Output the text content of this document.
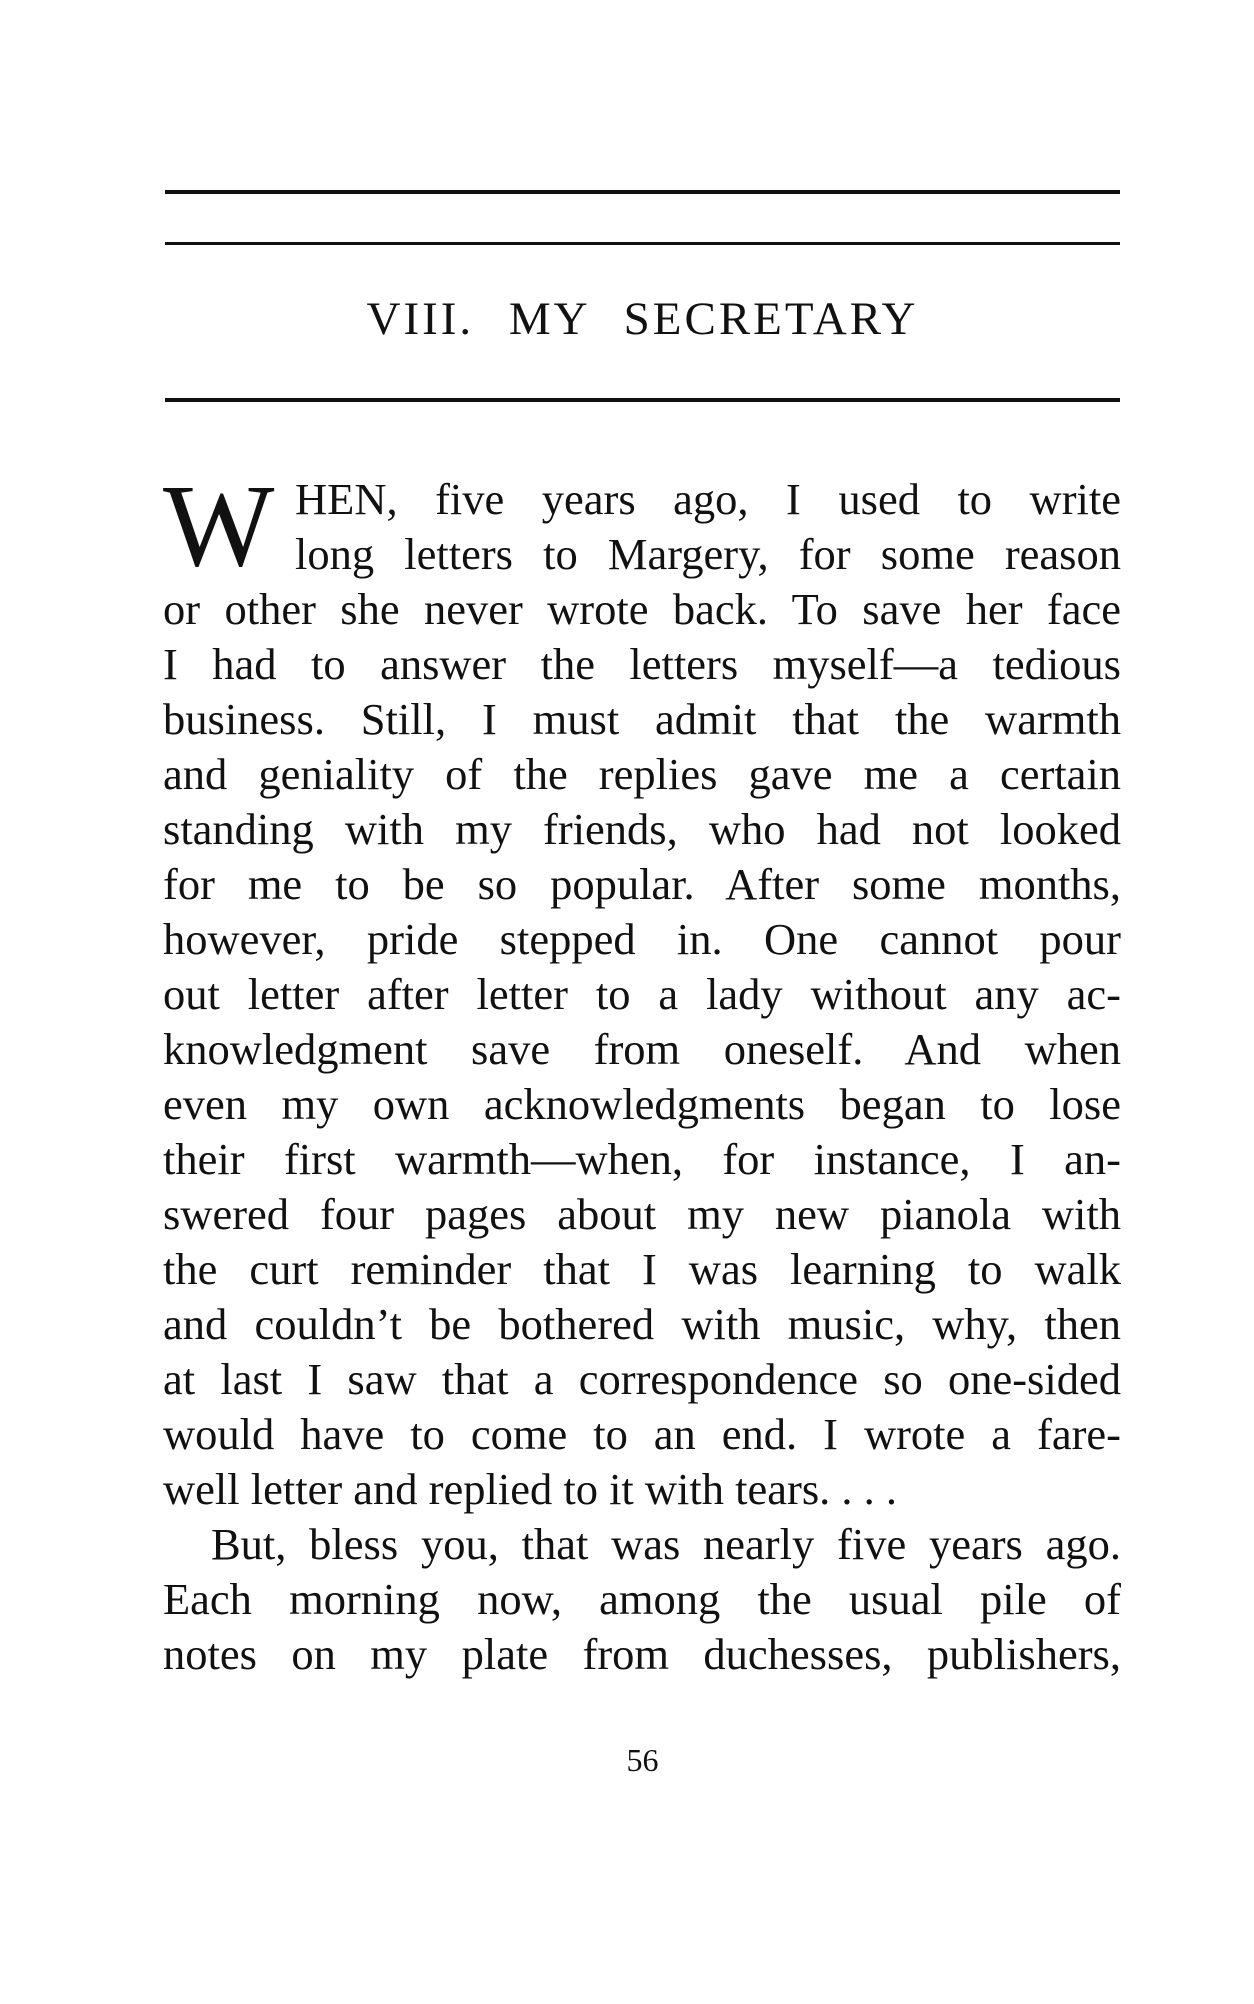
VIII. MY SECRETARY
W HEN, five years ago, I used to write
long letters to Margery, for some reason
or other she never wrote back. To save her face
I had to answer the letters myself—a tedious
business. Still, I must admit that the warmth
and geniality of the replies gave me a certain
standing with my friends, who had not looked
for me to be so popular. After some months,
however, pride stepped in. One cannot pour
out letter after letter to a lady without any ac-
knowledgment save from oneself. And when
even my own acknowledgments began to lose
their first warmth—when, for instance, I an-
swered four pages about my new pianola with
the curt reminder that I was learning to walk
and couldn’t be bothered with music, why, then
at last I saw that a correspondence so one-sided
would have to come to an end. I wrote a fare-
well letter and replied to it with tears. . . .
But, bless you, that was nearly five years ago.
Each morning now, among the usual pile of
notes on my plate from duchesses, publishers,
56
